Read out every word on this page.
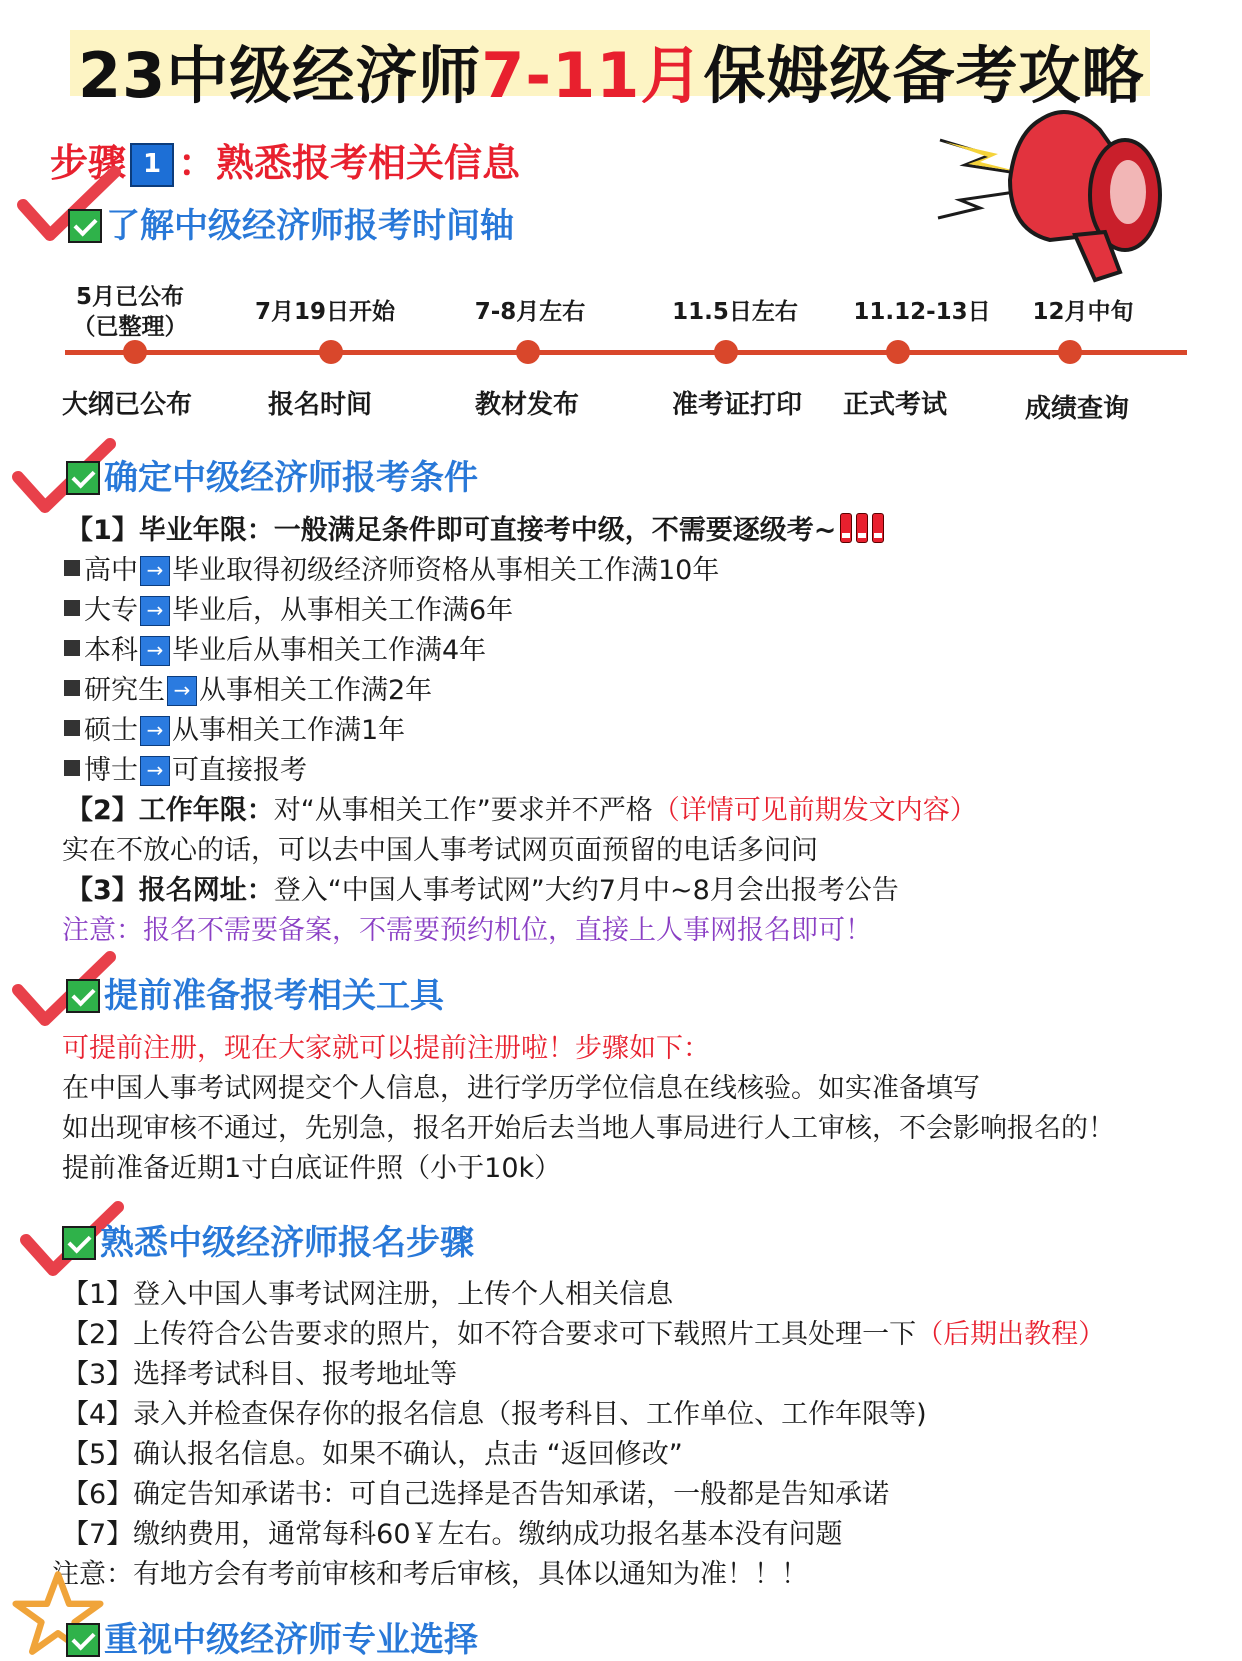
23中级经济师7-11月保姆级备考攻略
步骤 1 ：熟悉报考相关信息
了解中级经济师报考时间轴
5月已公布
（已整理）
大纲已公布
7月19日开始
报名时间
7-8月左右
教材发布
11.5日左右
准考证打印
11.12-13日
正式考试
12月中旬
成绩查询
确定中级经济师报考条件
【1】毕业年限：一般满足条件即可直接考中级，不需要逐级考~
高中 → 毕业取得初级经济师资格从事相关工作满10年
大专 → 毕业后，从事相关工作满6年
本科 → 毕业后从事相关工作满4年
研究生 → 从事相关工作满2年
硕士 → 从事相关工作满1年
博士 → 可直接报考
【2】工作年限：对“从事相关工作”要求并不严格（详情可见前期发文内容）
实在不放心的话，可以去中国人事考试网页面预留的电话多问问
【3】报名网址：登入“中国人事考试网”大约7月中~8月会出报考公告
注意：报名不需要备案，不需要预约机位，直接上人事网报名即可！
提前准备报考相关工具
可提前注册，现在大家就可以提前注册啦！步骤如下：
在中国人事考试网提交个人信息，进行学历学位信息在线核验。如实准备填写
如出现审核不通过，先别急，报名开始后去当地人事局进行人工审核，不会影响报名的！
提前准备近期1寸白底证件照（小于10k）
熟悉中级经济师报名步骤
【1】登入中国人事考试网注册，上传个人相关信息
【2】上传符合公告要求的照片，如不符合要求可下载照片工具处理一下（后期出教程）
【3】选择考试科目、报考地址等
【4】录入并检查保存你的报名信息（报考科目、工作单位、工作年限等)
【5】确认报名信息。如果不确认，点击 “返回修改”
【6】确定告知承诺书：可自己选择是否告知承诺，一般都是告知承诺
【7】缴纳费用，通常每科60￥左右。缴纳成功报名基本没有问题
注意：有地方会有考前审核和考后审核，具体以通知为准！！！
重视中级经济师专业选择
